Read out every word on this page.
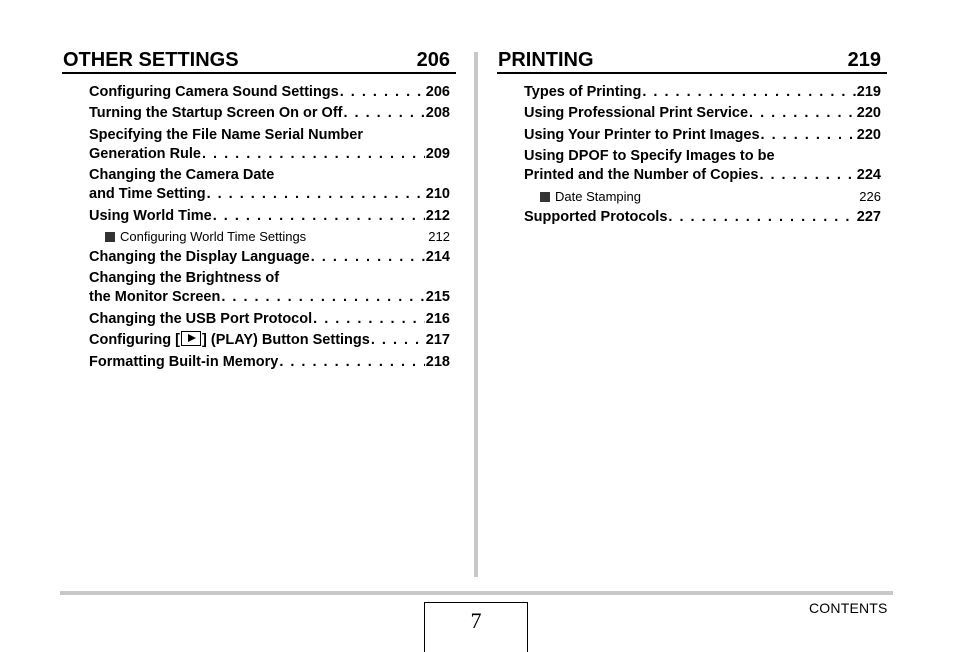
OTHER SETTINGS	206
Configuring Camera Sound Settings . . .	206
Turning the Startup Screen On or Off . . .	208
Specifying the File Name Serial Number
Generation Rule . . .	209
Changing the Camera Date
and Time Setting . . .	210
Using World Time . . .	212
Configuring World Time Settings	212
Changing the Display Language . . .	214
Changing the Brightness of
the Monitor Screen . . .	215
Changing the USB Port Protocol . . .	216
Configuring [ ] (PLAY) Button Settings . . .	217
Formatting Built-in Memory . . .	218
PRINTING	219
Types of Printing . . .	219
Using Professional Print Service . . .	220
Using Your Printer to Print Images . . .	220
Using DPOF to Specify Images to be
Printed and the Number of Copies . . .	224
Date Stamping	226
Supported Protocols . . .	227
7	CONTENTS
